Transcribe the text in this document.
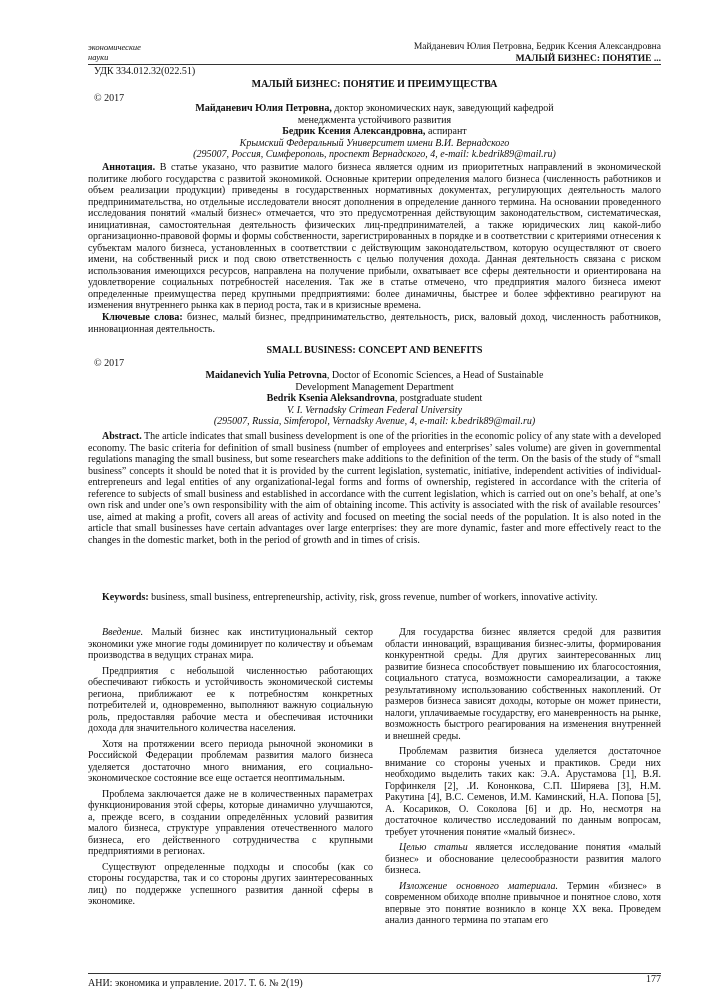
экономические
науки
Майданевич Юлия Петровна, Бедрик Ксения Александровна
МАЛЫЙ БИЗНЕС: ПОНЯТИЕ ...
УДК 334.012.32(022.51)
МАЛЫЙ БИЗНЕС: ПОНЯТИЕ И ПРЕИМУЩЕСТВА
© 2017
Майданевич Юлия Петровна, доктор экономических наук, заведующий кафедрой
менеджмента устойчивого развития
Бедрик Ксения Александровна, аспирант
Крымский Федеральный Университет имени В.И. Вернадского
(295007, Россия, Симферополь, проспект Вернадского, 4, e-mail: k.bedrik89@mail.ru)
Аннотация. В статье указано, что развитие малого бизнеса является одним из приоритетных направлений в экономической политике любого государства с развитой экономикой. Основные критерии определения малого бизнеса (численность работников и объем реализации продукции) приведены в государственных нормативных документах, регулирующих деятельность малого предпринимательства, но отдельные исследователи вносят дополнения в определение данного термина. На основании проведенного исследования понятий «малый бизнес» отмечается, что это предусмотренная действующим законодательством, систематическая, инициативная, самостоятельная деятельность физических лиц-предпринимателей, а также юридических лиц какой-либо организационно-правовой формы и формы собственности, зарегистрированных в порядке и в соответствии с критериями отнесения к субъектам малого бизнеса, установленных в соответствии с действующим законодательством, которую осуществляют от своего имени, на собственный риск и под свою ответственность с целью получения дохода. Данная деятельность связана с риском использования имеющихся ресурсов, направлена на получение прибыли, охватывает все сферы деятельности и ориентирована на удовлетворение социальных потребностей населения. Так же в статье отмечено, что предприятия малого бизнеса имеют определенные преимущества перед крупными предприятиями: более динамичны, быстрее и более эффективно реагируют на изменения внутреннего рынка как в период роста, так и в кризисные времена.
Ключевые слова: бизнес, малый бизнес, предпринимательство, деятельность, риск, валовый доход, численность работников, инновационная деятельность.
SMALL BUSINESS: CONCEPT AND BENEFITS
© 2017
Maidanevich Yulia Petrovna, Doctor of Economic Sciences, a Head of Sustainable
Development Management Department
Bedrik Ksenia Aleksandrovna, postgraduate student
V. I. Vernadsky Crimean Federal University
(295007, Russia, Simferopol, Vernadsky Avenue, 4, e-mail: k.bedrik89@mail.ru)
Abstract. The article indicates that small business development is one of the priorities in the economic policy of any state with a developed economy. The basic criteria for definition of small business (number of employees and enterprises’ sales volume) are given in governmental regulations managing the small business, but some researchers make additions to the definition of the term. On the basis of the study of “small business” concepts it should be noted that it is provided by the current legislation, systematic, initiative, independent activities of individual-entrepreneurs and legal entities of any organizational-legal forms and forms of ownership, registered in accordance with the criteria of reference to subjects of small business and established in accordance with the current legislation, which is carried out on one’s behalf, at one’s own risk and under one’s own responsibility with the aim of obtaining income. This activity is associated with the risk of available resources’ use, aimed at making a profit, covers all areas of activity and focused on meeting the social needs of the population. It is also noted in the article that small businesses have certain advantages over large enterprises: they are more dynamic, faster and more effectively react to the changes in the domestic market, both in the period of growth and in times of crisis.
Keywords: business, small business, entrepreneurship, activity, risk, gross revenue, number of workers, innovative activity.

Введение. Малый бизнес как институциональный сектор экономики уже многие годы доминирует по количеству и объемам производства в ведущих странах мира.

Предприятия с небольшой численностью работающих обеспечивают гибкость и устойчивость экономической системы региона, приближают ее к потребностям конкретных потребителей и, одновременно, выполняют важную социальную роль, предоставляя рабочие места и обеспечивая источники дохода для значительного количества населения.

Хотя на протяжении всего периода рыночной экономики в Российской Федерации проблемам развития малого бизнеса уделяется достаточно много внимания, его социально-экономическое состояние все еще остается неоптимальным.

Проблема заключается даже не в количественных параметрах функционирования этой сферы, которые динамично улучшаются, а, прежде всего, в создании определённых условий развития малого бизнеса, структуре управления отечественного малого бизнеса, его действенного сотрудничества с крупными предприятиями в регионах.

Существуют определенные подходы и способы (как со стороны государства, так и со стороны других заинтересованных лиц) по поддержке успешного развития данной сферы в экономике.

Для государства бизнес является средой для развития области инноваций, взращивания бизнес-элиты, формирования конкурентной среды. Для других заинтересованных лиц развитие бизнеса способствует повышению их благосостояния, социального статуса, возможности самореализации, а также результативному использованию собственных накоплений. От размеров бизнеса зависят доходы, которые он может принести, налоги, уплачиваемые государству, его маневренность на рынке, возможность быстрого реагирования на изменения внутренней и внешней среды.

Проблемам развития бизнеса уделяется достаточное внимание со стороны ученых и практиков. Среди них необходимо выделить таких как: Э.А. Арустамова [1], В.Я. Горфинкеля [2], .И. Кононкова, С.П. Ширяева [3], Н.М. Ракутина [4], В.С. Семенов, И.М. Каминский, Н.А. Попова [5], А. Косариков, О. Соколова [6] и др. Но, несмотря на достаточное количество исследований по данным вопросам, требует уточнения понятие «малый бизнес».

Целью статьи является исследование понятия «малый бизнес» и обоснование целесообразности развития малого бизнеса.

Изложение основного материала. Термин «бизнес» в современном обиходе вполне привычное и понятное слово, хотя впервые это понятие возникло в конце XX века. Проведем анализ данного термина по этапам его

АНИ: экономика и управление. 2017. Т. 6. № 2(19)	177
